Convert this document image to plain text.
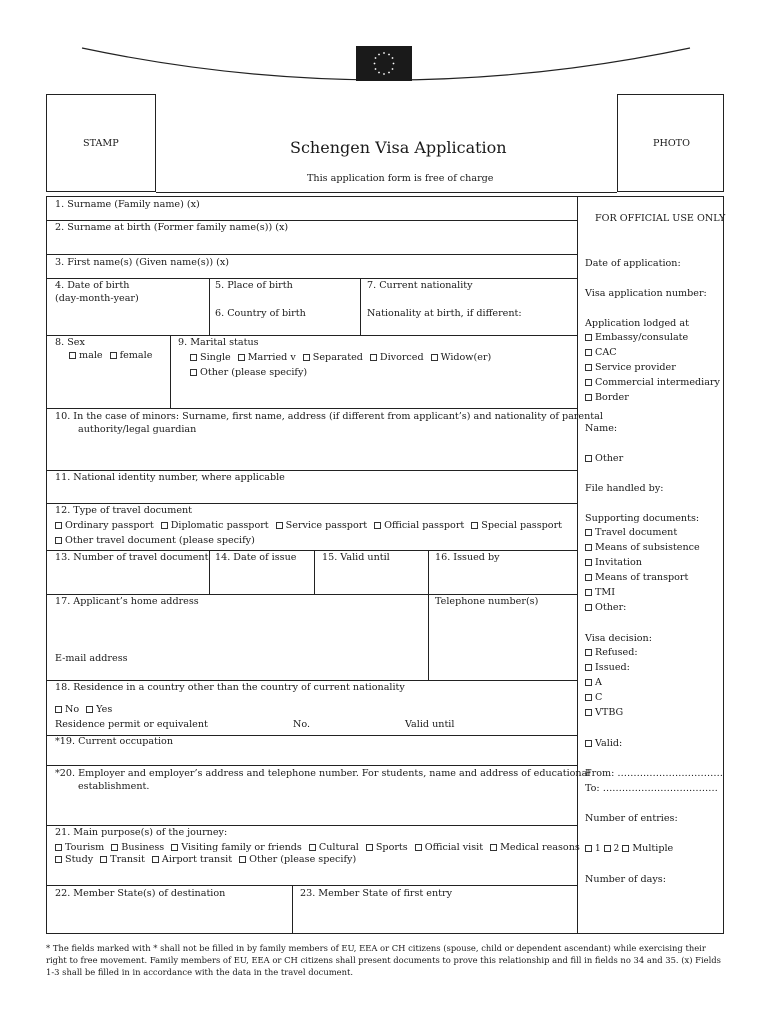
STAMP	PHOTO
Schengen Visa Application
This application form is free of charge
1. Surname (Family name) (x)
2. Surname at birth (Former family name(s)) (x)
3. First name(s) (Given name(s)) (x)
4. Date of birth
(day-month-year)
5. Place of birth
6. Country of birth
7. Current nationality
Nationality at birth, if different:
8. Sex
male female
9. Marital status
Single Married v Separated Divorced Widow(er)
Other (please specify)
10. In the case of minors: Surname, first name, address (if different from applicant’s) and nationality of parental
authority/legal guardian
11. National identity number, where applicable
12. Type of travel document
Ordinary passport Diplomatic passport Service passport Official passport Special passport
Other travel document (please specify)
13. Number of travel document 14. Date of issue	15. Valid until	16. Issued by
17. Applicant’s home address	Telephone number(s)
E-mail address
18. Residence in a country other than the country of current nationality
No Yes
Residence permit or equivalent	No.	Valid until
*19. Current occupation
*20. Employer and employer’s address and telephone number. For students, name and address of educational
establishment.
21. Main purpose(s) of the journey:
Tourism Business Visiting family or friends Cultural Sports Official visit Medical reasons
Study Transit Airport transit Other (please specify)
22. Member State(s) of destination	23. Member State of first entry
FOR OFFICIAL USE ONLY
Date of application:
Visa application number:
Application lodged at
Embassy/consulate
CAC
Service provider
Commercial intermediary
Border
Name:
Other
File handled by:
Supporting documents:
Travel document
Means of subsistence
Invitation
Means of transport
TMI
Other:
Visa decision:
Refused:
Issued:
A
C
VTBG
Valid:
From: ……………………………
To: ………………………………
Number of entries:
1 2 Multiple
Number of days:
* The fields marked with * shall not be filled in by family members of EU, EEA or CH citizens (spouse, child or dependent ascendant) while exercising their right to free movement. Family members of EU, EEA or CH citizens shall present documents to prove this relationship and fill in fields no 34 and 35. (x) Fields 1-3 shall be filled in in accordance with the data in the travel document.
